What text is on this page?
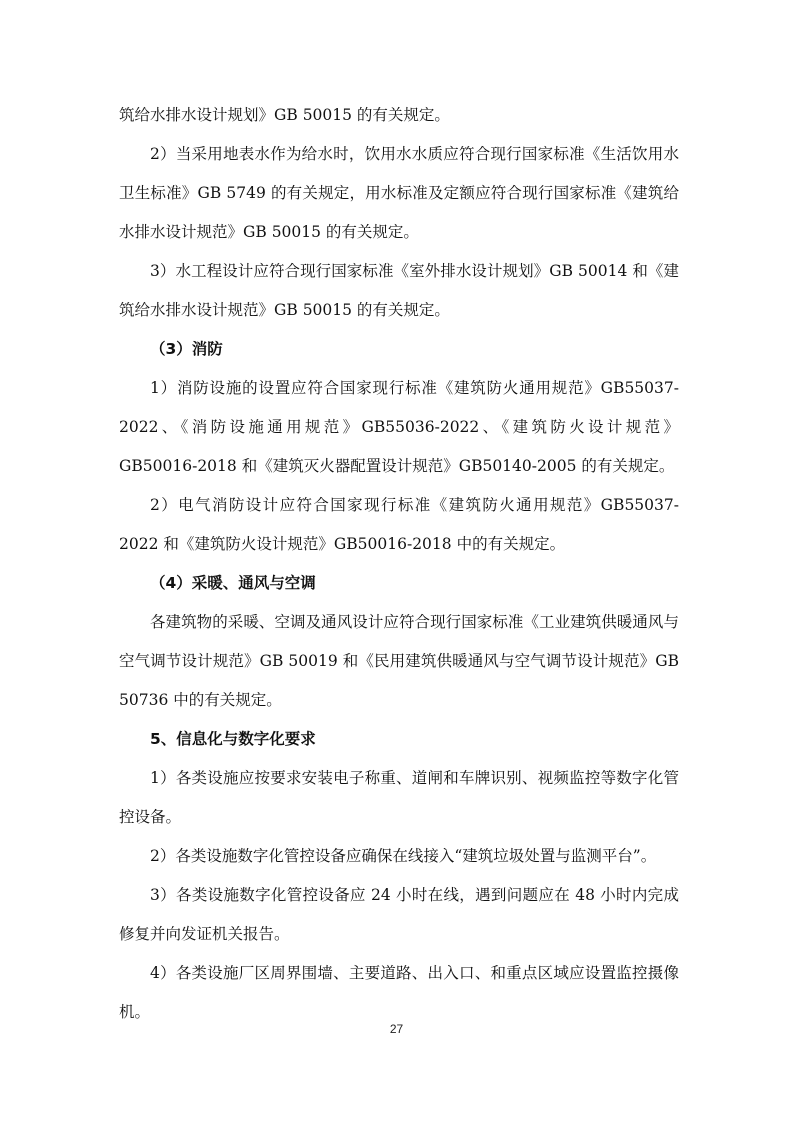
筑给水排水设计规划》GB 50015 的有关规定。

2）当采用地表水作为给水时，饮用水水质应符合现行国家标准《生活饮用水卫生标准》GB 5749 的有关规定，用水标准及定额应符合现行国家标准《建筑给水排水设计规范》GB 50015 的有关规定。

3）水工程设计应符合现行国家标准《室外排水设计规划》GB 50014 和《建筑给水排水设计规范》GB 50015 的有关规定。

（3）消防

1）消防设施的设置应符合国家现行标准《建筑防火通用规范》GB55037-2022、《消防设施通用规范》GB55036-2022、《建筑防火设计规范》GB50016-2018 和《建筑灭火器配置设计规范》GB50140-2005 的有关规定。

2）电气消防设计应符合国家现行标准《建筑防火通用规范》GB55037-2022 和《建筑防火设计规范》GB50016-2018 中的有关规定。

（4）采暖、通风与空调

各建筑物的采暖、空调及通风设计应符合现行国家标准《工业建筑供暖通风与空气调节设计规范》GB 50019 和《民用建筑供暖通风与空气调节设计规范》GB 50736 中的有关规定。

5、信息化与数字化要求

1）各类设施应按要求安装电子称重、道闸和车牌识别、视频监控等数字化管控设备。

2）各类设施数字化管控设备应确保在线接入“建筑垃圾处置与监测平台”。

3）各类设施数字化管控设备应 24 小时在线，遇到问题应在 48 小时内完成修复并向发证机关报告。

4）各类设施厂区周界围墙、主要道路、出入口、和重点区域应设置监控摄像机。

27
